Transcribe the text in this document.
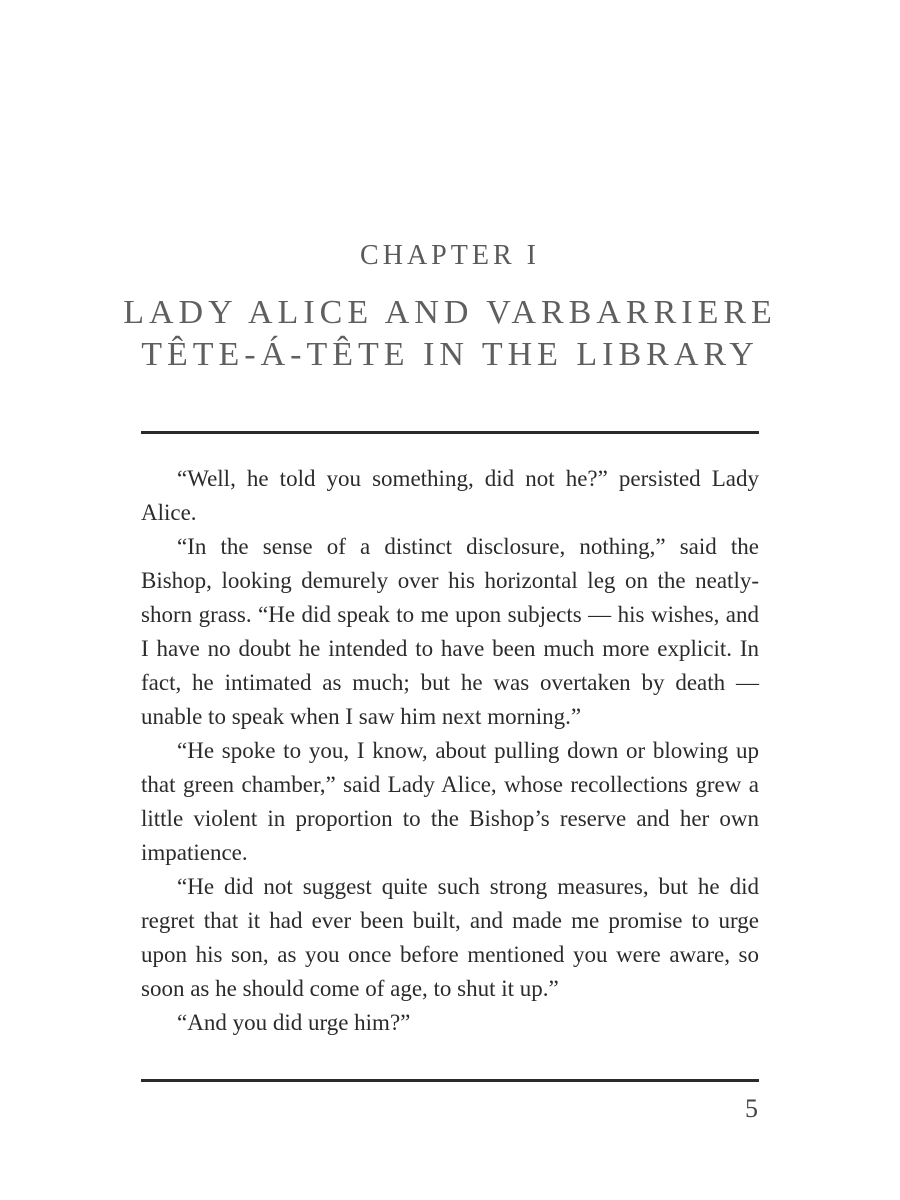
CHAPTER I
LADY ALICE AND VARBARRIERE TÊTE-Á-TÊTE IN THE LIBRARY

“Well, he told you something, did not he?” persisted Lady Alice.

“In the sense of a distinct disclosure, nothing,” said the Bishop, looking demurely over his horizontal leg on the neatly-shorn grass. “He did speak to me upon subjects — his wishes, and I have no doubt he intended to have been much more explicit. In fact, he intimated as much; but he was overtaken by death — unable to speak when I saw him next morning.”

“He spoke to you, I know, about pulling down or blowing up that green chamber,” said Lady Alice, whose recollections grew a little violent in proportion to the Bishop’s reserve and her own impatience.

“He did not suggest quite such strong measures, but he did regret that it had ever been built, and made me promise to urge upon his son, as you once before mentioned you were aware, so soon as he should come of age, to shut it up.”

“And you did urge him?”

5
